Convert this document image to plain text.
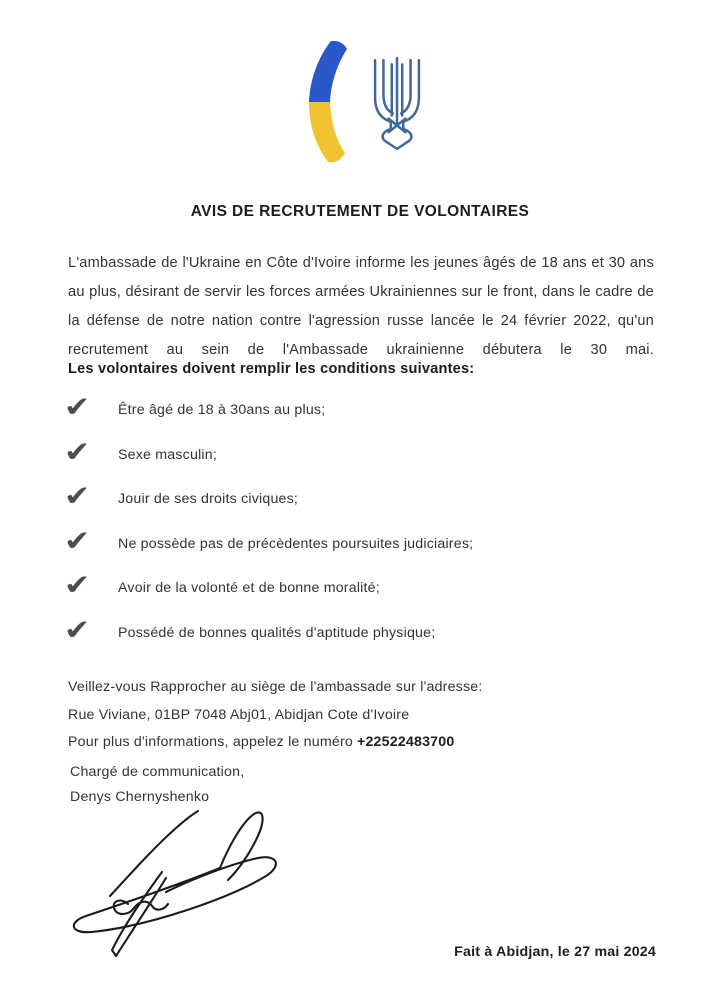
AVIS DE RECRUTEMENT DE VOLONTAIRES

L'ambassade de l'Ukraine en Côte d'Ivoire informe les jeunes âgés de 18 ans et 30 ans au plus, désirant de servir les forces armées Ukrainiennes sur le front, dans le cadre de la défense de notre nation contre l'agression russe lancée le 24 février 2022, qu'un recrutement au sein de l'Ambassade ukrainienne débutera le 30 mai.

Les volontaires doivent remplir les conditions suivantes:

✔ Être âgé de 18 à 30ans au plus;
✔ Sexe masculin;
✔ Jouir de ses droits civiques;
✔ Ne possède pas de précèdentes poursuites judiciaires;
✔ Avoir de la volonté et de bonne moralité;
✔ Possédé de bonnes qualités d'aptitude physique;

Veillez-vous Rapprocher au siège de l'ambassade sur l'adresse:

Rue Viviane, 01BP 7048 Abj01, Abidjan Cote d'Ivoire

Pour plus d'informations, appelez le numéro +22522483700

Chargé de communication,

Denys Chernyshenko

Fait à Abidjan, le 27 mai 2024
